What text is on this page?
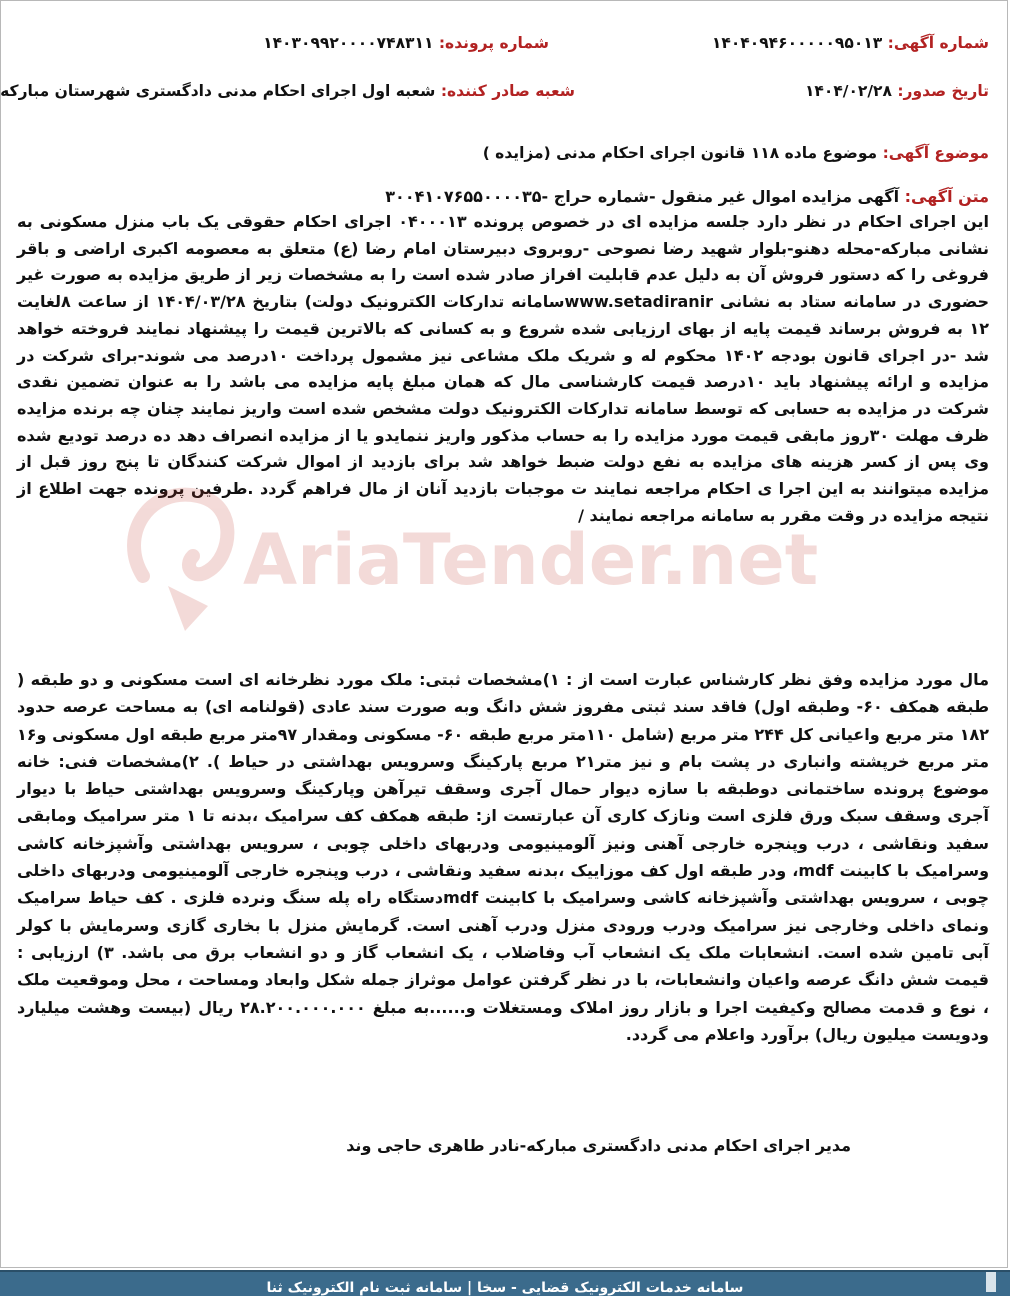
شماره آگهی: ۱۴۰۴۰۹۴۶۰۰۰۰۰۹۵۰۱۳
شماره پرونده: ۱۴۰۳۰۹۹۲۰۰۰۰۷۴۸۳۱۱
تاریخ صدور: ۱۴۰۴/۰۲/۲۸
شعبه صادر کننده: شعبه اول اجرای احکام مدنی دادگستری شهرستان مبارکه
موضوع آگهی: موضوع ماده ۱۱۸ قانون اجرای احکام مدنی (مزایده )
متن آگهی: آگهی مزایده اموال غیر منقول -شماره حراج -۳۰۰۴۱۰۷۶۵۵۰۰۰۰۳۵

این اجرای احکام در نظر دارد جلسه مزایده ای در خصوص پرونده ۰۴۰۰۰۱۳ اجرای احکام حقوقی یک باب منزل مسکونی به نشانی مبارکه-محله دهنو-بلوار شهید رضا نصوحی -روبروی دبیرستان امام رضا (ع) متعلق به معصومه اکبری اراضی و باقر فروغی را که دستور فروش آن به دلیل عدم قابلیت افراز صادر شده است را به مشخصات زیر از طریق مزایده به صورت غیر حضوری در سامانه ستاد به نشانی www.setadiranirسامانه تدارکات الکترونیک دولت) بتاریخ ۱۴۰۴/۰۳/۲۸ از ساعت ۸لغایت ۱۲ به فروش برساند قیمت پایه از بهای ارزیابی شده شروع و به کسانی که بالاترین قیمت را پیشنهاد نمایند فروخته خواهد شد -در اجرای قانون بودجه ۱۴۰۲ محکوم له و شریک ملک مشاعی نیز مشمول پرداخت ۱۰درصد می شوند-برای شرکت در مزایده و ارائه پیشنهاد باید ۱۰درصد قیمت کارشناسی مال که همان مبلغ پایه مزایده می باشد را به عنوان تضمین نقدی شرکت در مزایده به حسابی که توسط سامانه تدارکات الکترونیک دولت مشخص شده است واریز نمایند چنان چه برنده مزایده ظرف مهلت ۳۰روز مابقی قیمت مورد مزایده را به حساب مذکور واریز ننمایدو یا از مزایده انصراف دهد ده درصد تودیع شده وی پس از کسر هزینه های مزایده به نفع دولت ضبط خواهد شد برای بازدید از اموال شرکت کنندگان تا پنج روز قبل از مزایده میتوانند به این اجرا ی احکام مراجعه نمایند ت موجبات بازدید آنان از مال فراهم گردد .طرفین پرونده جهت اطلاع از نتیجه مزایده در وقت مقرر به سامانه مراجعه نمایند /

مال مورد مزایده وفق نظر کارشناس عبارت است از : ۱)مشخصات ثبتی: ملک مورد نظرخانه ای است مسکونی و دو طبقه ( طبقه همکف ۶۰- وطبقه اول) فاقد سند ثبتی مفروز شش دانگ وبه صورت سند عادی (قولنامه ای) به مساحت عرصه حدود ۱۸۲ متر مربع واعیانی کل ۲۴۴ متر مربع (شامل ۱۱۰متر مربع طبقه ۶۰- مسکونی ومقدار ۹۷متر مربع طبقه اول مسکونی و۱۶ متر مربع خرپشته وانباری در پشت بام و نیز متر۲۱ مربع پارکینگ وسرویس بهداشتی در حیاط ). ۲)مشخصات فنی: خانه موضوع پرونده ساختمانی دوطبقه با سازه دیوار حمال آجری وسقف تیرآهن وپارکینگ وسرویس بهداشتی حیاط با دیوار آجری وسقف سبک ورق فلزی است ونازک کاری آن عبارتست از: طبقه همکف کف سرامیک ،بدنه تا ۱ متر سرامیک ومابقی سفید ونقاشی ، درب وپنجره خارجی آهنی ونیز آلومینیومی ودربهای داخلی چوبی ، سرویس بهداشتی وآشپزخانه کاشی وسرامیک با کابینت mdf، ودر طبقه اول کف موزاییک ،بدنه سفید ونقاشی ، درب وپنجره خارجی آلومینیومی ودربهای داخلی چوبی ، سرویس بهداشتی وآشپزخانه کاشی وسرامیک با کابینت mdfدستگاه راه پله سنگ ونرده فلزی . کف حیاط سرامیک ونمای داخلی وخارجی نیز سرامیک ودرب ورودی منزل ودرب آهنی است. گرمایش منزل با بخاری گازی وسرمایش با کولر آبی تامین شده است. انشعابات ملک یک انشعاب آب وفاضلاب ، یک انشعاب گاز و دو انشعاب برق می باشد. ۳) ارزیابی : قیمت شش دانگ عرصه واعیان وانشعابات، با در نظر گرفتن عوامل موثراز جمله شکل وابعاد ومساحت ، محل وموقعیت ملک ، نوع و قدمت مصالح وکیفیت اجرا و بازار روز املاک ومستغلات و......به مبلغ ۲۸.۲۰۰.۰۰۰.۰۰۰ ریال (بیست وهشت میلیارد ودویست میلیون ریال) برآورد واعلام می گردد.

مدیر اجرای احکام مدنی دادگستری مبارکه-نادر طاهری حاجی وند
AriaTender.net
سامانه خدمات الکترونیک قضایی - سخا | سامانه ثبت نام الکترونیک ثنا
